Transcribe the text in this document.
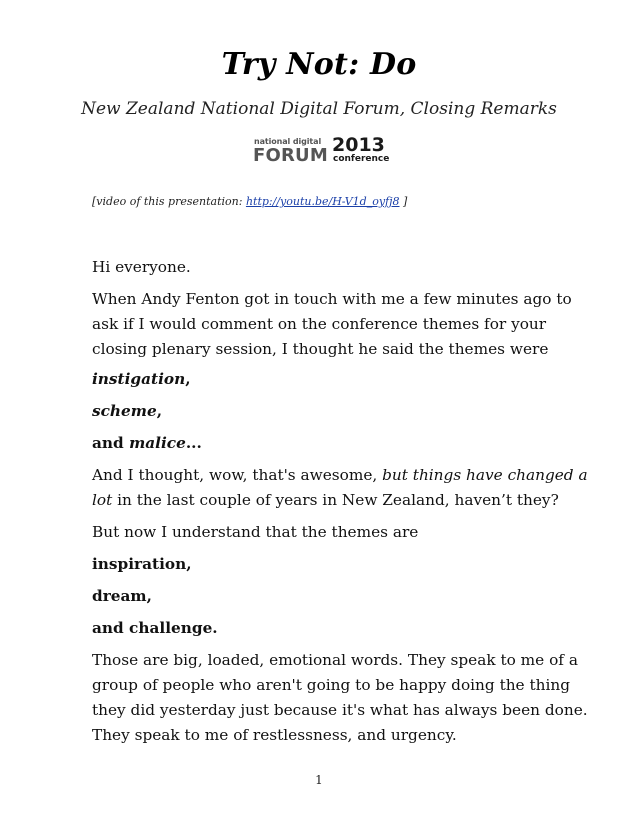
Try Not: Do
New Zealand National Digital Forum, Closing Remarks
national digital
FORUM 2013
conference
[video of this presentation: http://youtu.be/H-V1d_oyfj8 ]

Hi everyone.

When Andy Fenton got in touch with me a few minutes ago to

ask if I would comment on the conference themes for your

closing plenary session, I thought he said the themes were

instigation,

scheme,

and malice...

And I thought, wow, that's awesome, but things have changed a

lot in the last couple of years in New Zealand, haven’t they?

But now I understand that the themes are

inspiration,

dream,

and challenge.

Those are big, loaded, emotional words. They speak to me of a

group of people who aren't going to be happy doing the thing

they did yesterday just because it's what has always been done.

They speak to me of restlessness, and urgency.

1
